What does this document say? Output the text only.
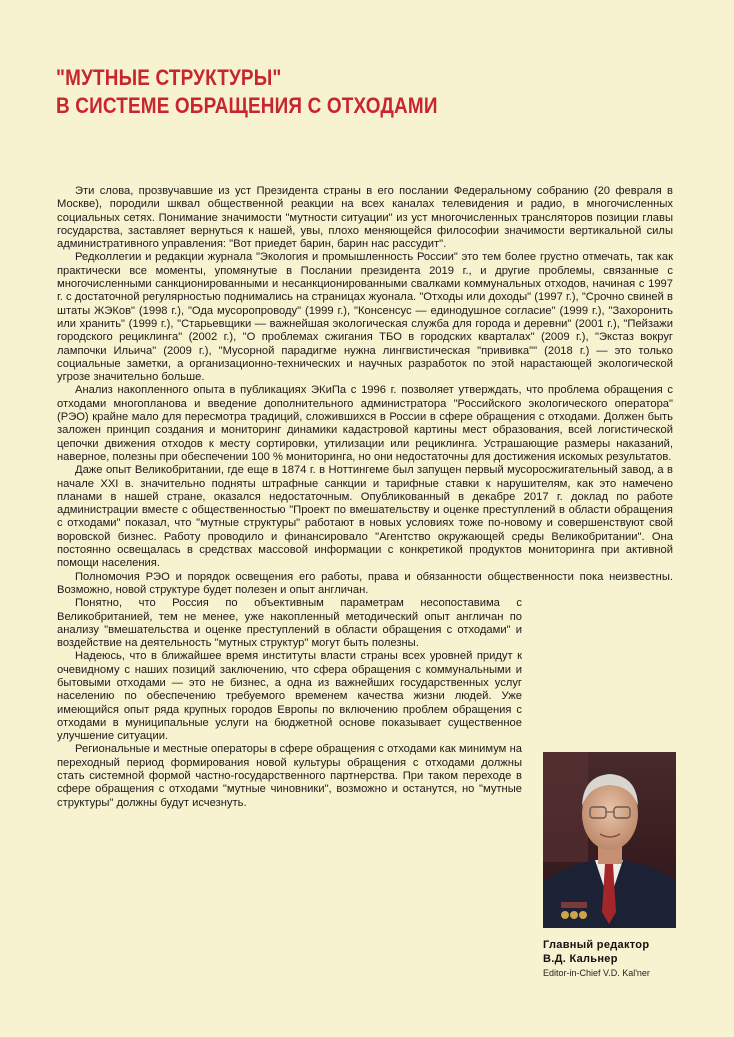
"МУТНЫЕ СТРУКТУРЫ"
В СИСТЕМЕ ОБРАЩЕНИЯ С ОТХОДАМИ

Эти слова, прозвучавшие из уст Президента страны в его послании Федеральному собранию (20 февраля в Москве), породили шквал общественной реакции на всех каналах телевидения и радио, в многочисленных социальных сетях. Понимание значимости "мутности ситуации" из уст многочисленных трансляторов позиции главы государства, заставляет вернуться к нашей, увы, плохо меняющейся философии значимости вертикальной силы административного управления: "Вот приедет барин, барин нас рассудит".

Редколлегии и редакции журнала "Экология и промышленность России" это тем более грустно отмечать, так как практически все моменты, упомянутые в Послании президента 2019 г., и другие проблемы, связанные с многочисленными санкционированными и несанкционированными свалками коммунальных отходов, начиная с 1997 г. с достаточной регулярностью поднимались на страницах жуонала. "Отходы или доходы" (1997 г.), "Срочно свиней в штаты ЖЭКов" (1998 г.), "Ода мусоропроводу" (1999 г.), "Консенсус — единодушное согласие" (1999 г.), "Захоронить или хранить" (1999 г.), "Старьевщики — важнейшая экологическая служба для города и деревни" (2001 г.), "Пейзажи городского рециклинга" (2002 г.), "О проблемах сжигания ТБО в городских кварталах" (2009 г.), "Экстаз вокруг лампочки Ильича" (2009 г.), "Мусорной парадигме нужна лингвистическая "прививка"" (2018 г.) — это только социальные заметки, а организационно-технических и научных разработок по этой нарастающей экологической угрозе значительно больше.

Анализ накопленного опыта в публикациях ЭКиПа с 1996 г. позволяет утверждать, что проблема обращения с отходами многопланова и введение дополнительного администратора "Российского экологического оператора" (РЭО) крайне мало для пересмотра традиций, сложившихся в России в сфере обращения с отходами. Должен быть заложен принцип создания и мониторинг динамики кадастровой картины мест образования, всей логистической цепочки движения отходов к месту сортировки, утилизации или рециклинга. Устрашающие размеры наказаний, наверное, полезны при обеспечении 100 % мониторинга, но они недостаточны для достижения искомых результатов.

Даже опыт Великобритании, где еще в 1874 г. в Ноттингеме был запущен первый мусоросжигательный завод, а в начале XXI в. значительно подняты штрафные санкции и тарифные ставки к нарушителям, как это намечено планами в нашей стране, оказался недостаточным. Опубликованный в декабре 2017 г. доклад по работе администрации вместе с общественностью "Проект по вмешательству и оценке преступлений в области обращения с отходами" показал, что "мутные структуры" работают в новых условиях тоже по-новому и совершенствуют свой воровской бизнес. Работу проводило и финансировало "Агентство окружающей среды Великобритании". Она постоянно освещалась в средствах массовой информации с конкретикой продуктов мониторинга при активной помощи населения.

Полномочия РЭО и порядок освещения его работы, права и обязанности общественности пока неизвестны. Возможно, новой структуре будет полезен и опыт англичан.

Понятно, что Россия по объективным параметрам несопоставима с Великобританией, тем не менее, уже накопленный методический опыт англичан по анализу "вмешательства и оценке преступлений в области обращения с отходами" и воздействие на деятельность "мутных структур" могут быть полезны.

Надеюсь, что в ближайшее время институты власти страны всех уровней придут к очевидному с наших позиций заключению, что сфера обращения с коммунальными и бытовыми отходами — это не бизнес, а одна из важнейших государственных услуг населению по обеспечению требуемого временем качества жизни людей. Уже имеющийся опыт ряда крупных городов Европы по включению проблем обращения с отходами в муниципальные услуги на бюджетной основе показывает существенное улучшение ситуации.

Региональные и местные операторы в сфере обращения с отходами как минимум на переходный период формирования новой культуры обращения с отходами должны стать системной формой частно-государственного партнерства. При таком переходе в сфере обращения с отходами "мутные чиновники", возможно и останутся, но "мутные структуры" должны будут исчезнуть.

Главный редактор
В.Д. Кальнер
Editor-in-Chief V.D. Kal'ner
